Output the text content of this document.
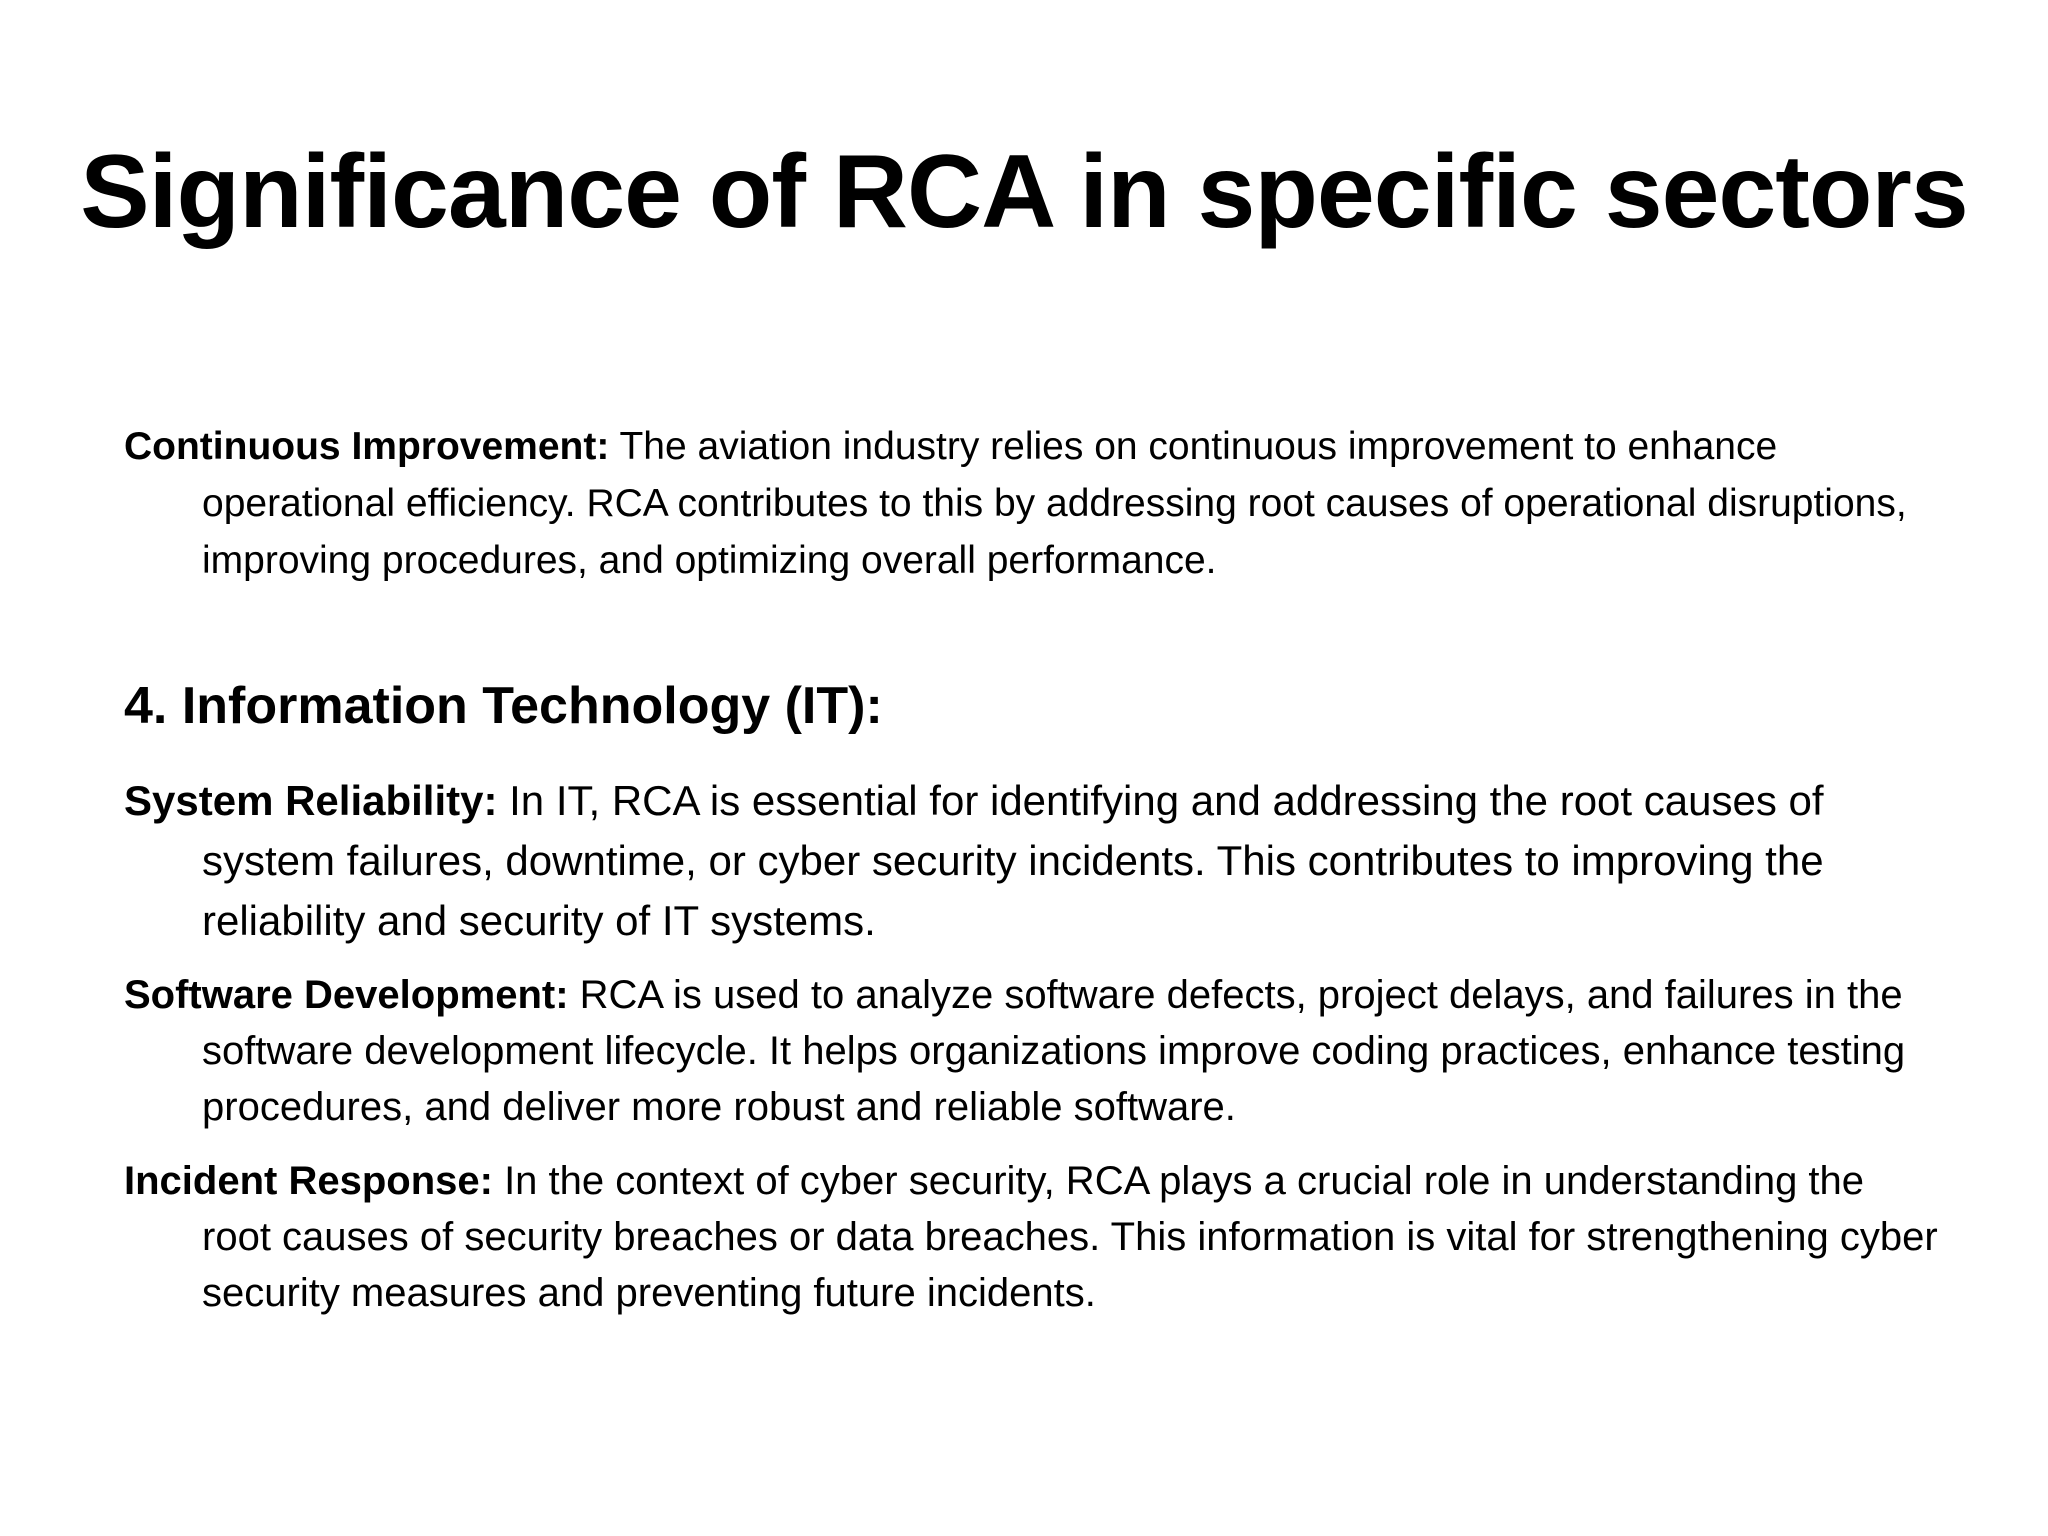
Significance of RCA in specific sectors

Continuous Improvement: The aviation industry relies on continuous improvement to enhance operational efficiency. RCA contributes to this by addressing root causes of operational disruptions, improving procedures, and optimizing overall performance.

4. Information Technology (IT):

System Reliability: In IT, RCA is essential for identifying and addressing the root causes of system failures, downtime, or cyber security incidents. This contributes to improving the reliability and security of IT systems.

Software Development: RCA is used to analyze software defects, project delays, and failures in the software development lifecycle. It helps organizations improve coding practices, enhance testing procedures, and deliver more robust and reliable software.

Incident Response: In the context of cyber security, RCA plays a crucial role in understanding the root causes of security breaches or data breaches. This information is vital for strengthening cyber security measures and preventing future incidents.
